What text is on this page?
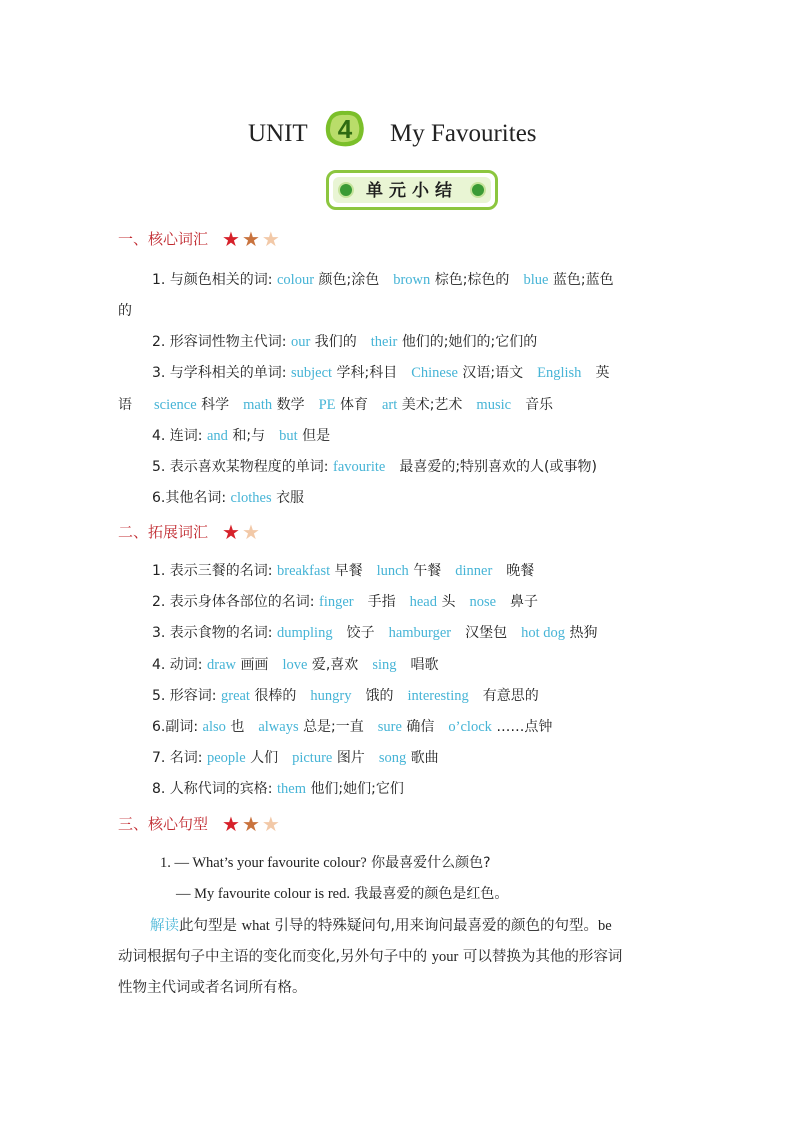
UNIT 4 My Favourites
单元小结
一、核心词汇 ★ ★ ★
1. 与颜色相关的词: colour 颜色;涂色 brown 棕色;棕色的 blue 蓝色;蓝色
的
2. 形容词性物主代词: our 我们的 their 他们的;她们的;它们的
3. 与学科相关的单词: subject 学科;科目 Chinese 汉语;语文 English 英
语 science 科学 math 数学 PE 体育 art 美术;艺术 music 音乐
4. 连词: and 和;与 but 但是
5. 表示喜欢某物程度的单词: favourite 最喜爱的;特别喜欢的人(或事物)
6.其他名词: clothes 衣服
二、拓展词汇 ★ ★
1. 表示三餐的名词: breakfast 早餐 lunch 午餐 dinner 晚餐
2. 表示身体各部位的名词: finger 手指 head 头 nose 鼻子
3. 表示食物的名词: dumpling 饺子 hamburger 汉堡包 hot dog 热狗
4. 动词: draw 画画 love 爱,喜欢 sing 唱歌
5. 形容词: great 很棒的 hungry 饿的 interesting 有意思的
6.副词: also 也 always 总是;一直 sure 确信 o’clock ……点钟
7. 名词: people 人们 picture 图片 song 歌曲
8. 人称代词的宾格: them 他们;她们;它们
三、核心句型 ★ ★ ★
1. — What’s your favourite colour? 你最喜爱什么颜色?
— My favourite colour is red. 我最喜爱的颜色是红色。
解读此句型是 what 引导的特殊疑问句,用来询问最喜爱的颜色的句型。be
动词根据句子中主语的变化而变化,另外句子中的 your 可以替换为其他的形容词
性物主代词或者名词所有格。
